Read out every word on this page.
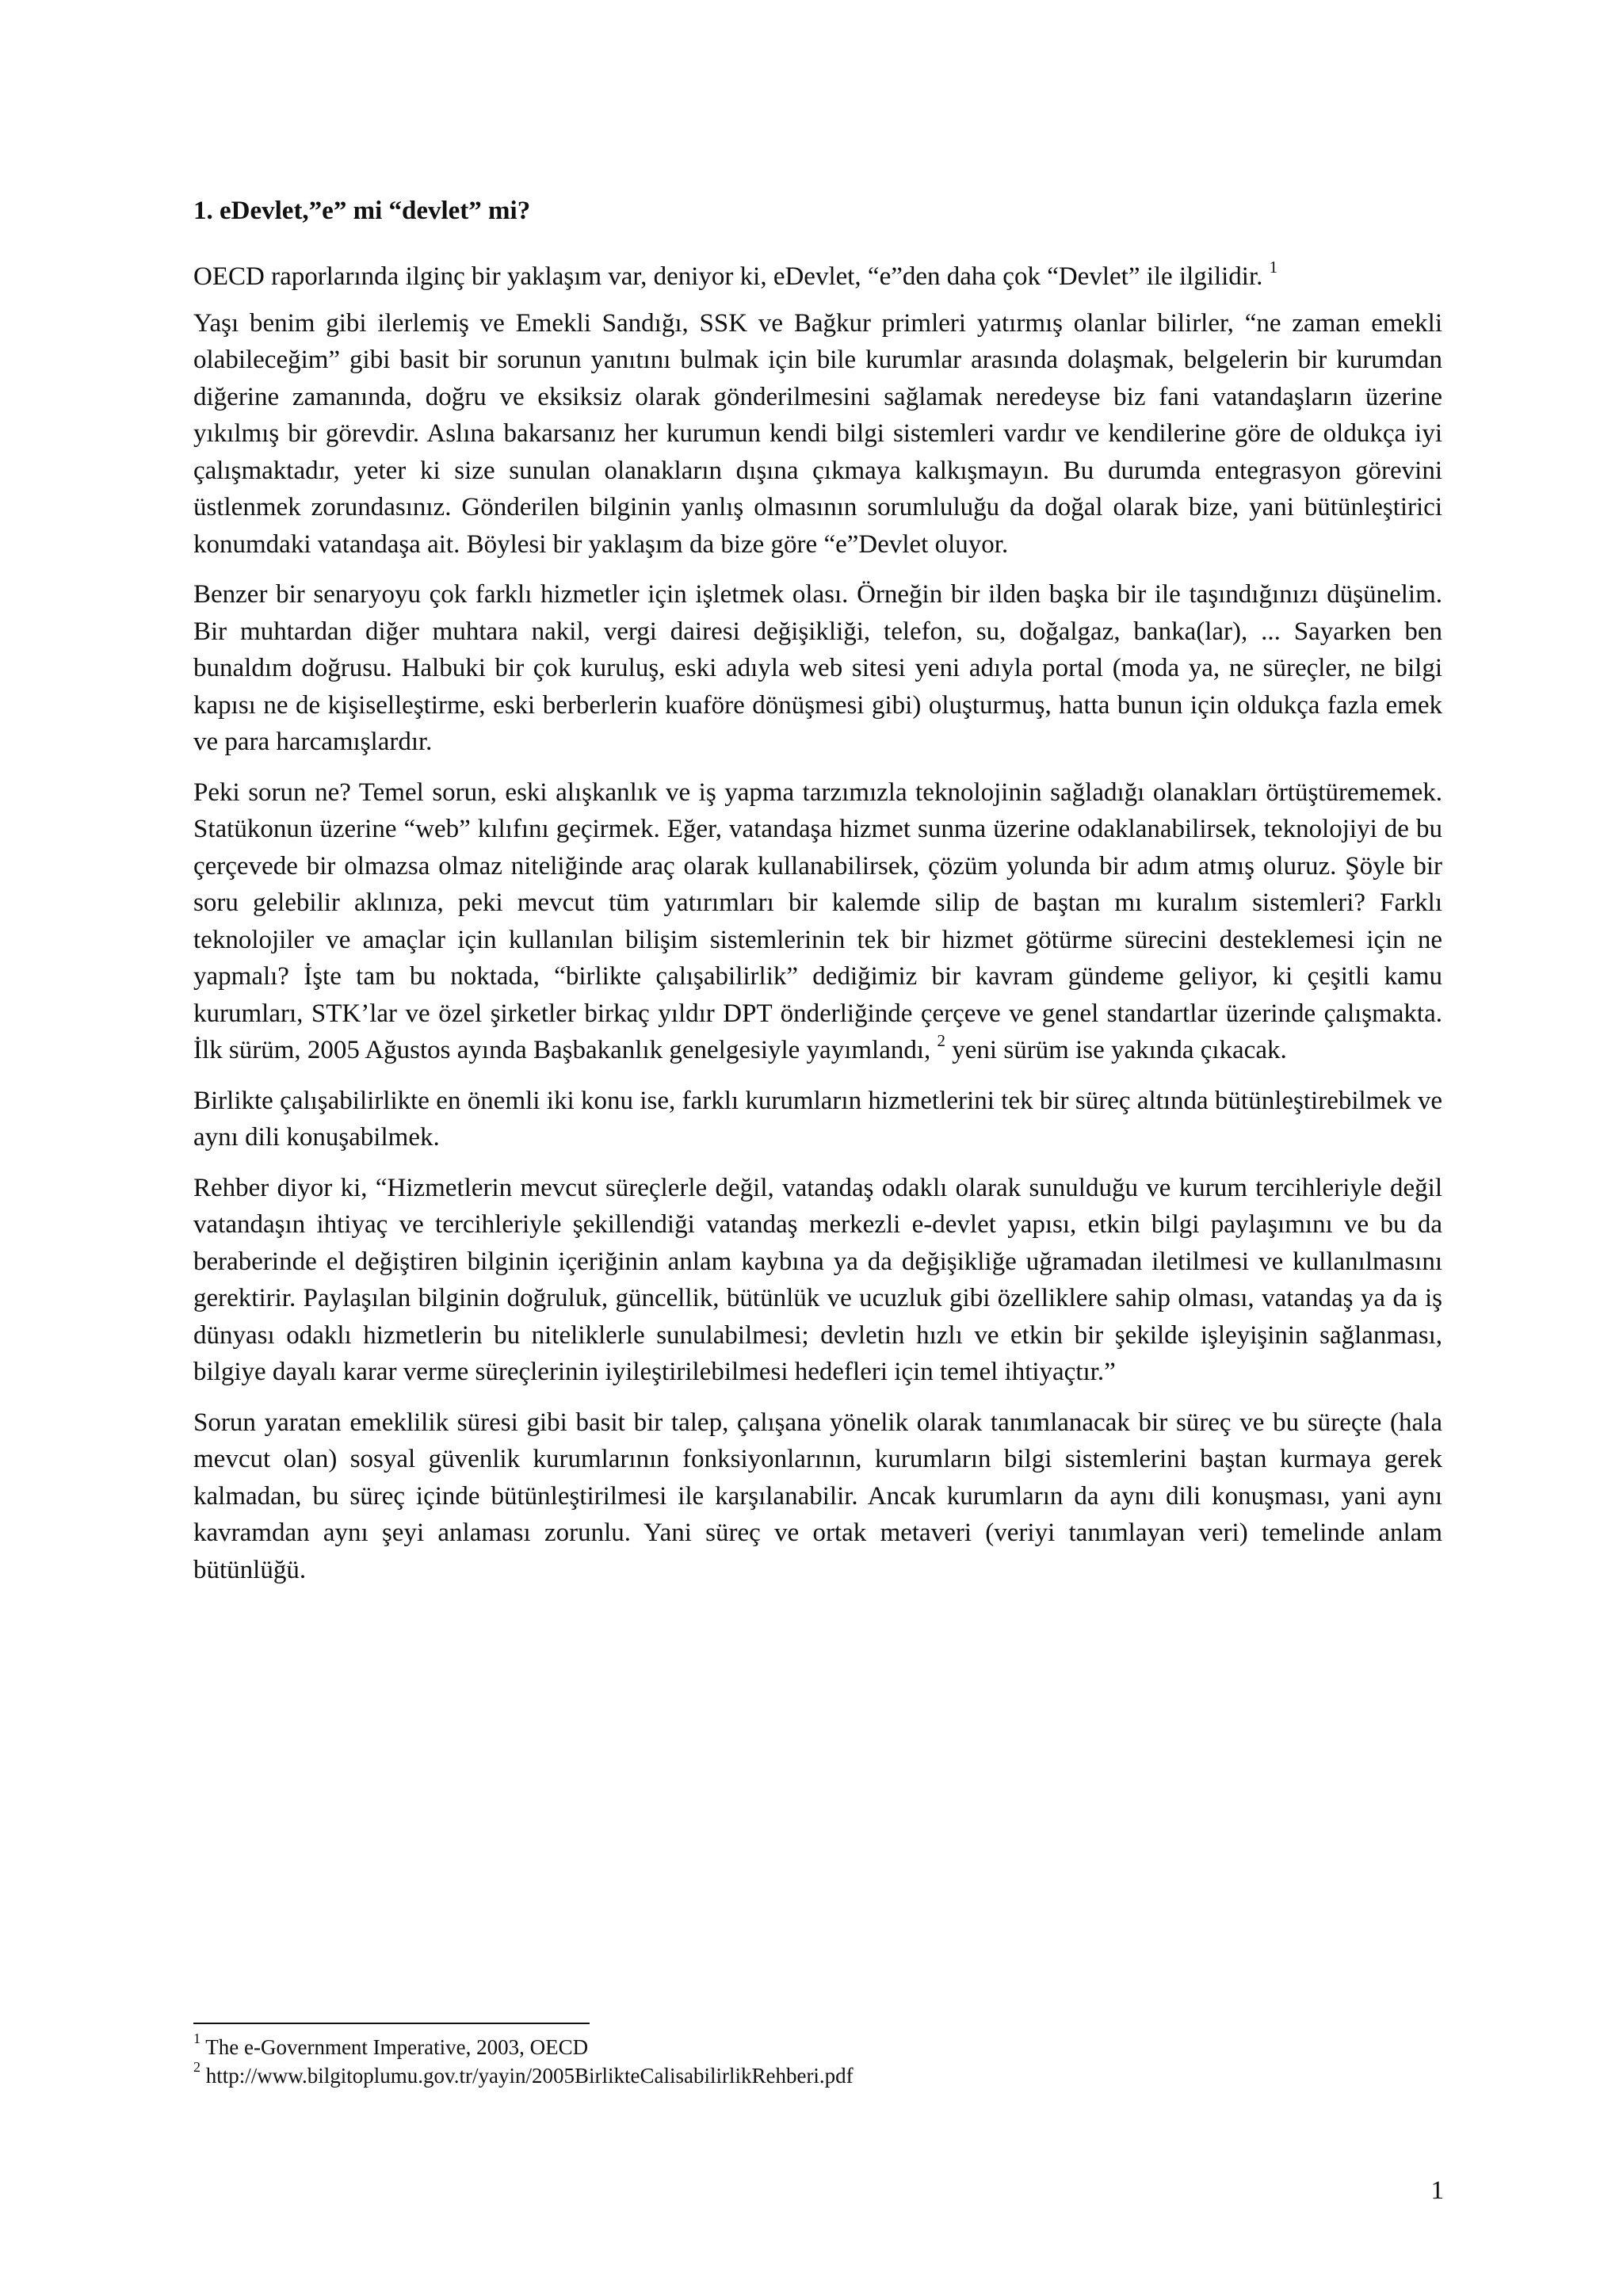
1. eDevlet,”e” mi “devlet” mi?

OECD raporlarında ilginç bir yaklaşım var, deniyor ki, eDevlet, “e”den daha çok “Devlet” ile ilgilidir. $^1$

Yaşı benim gibi ilerlemiş ve Emekli Sandığı, SSK ve Bağkur primleri yatırmış olanlar bilirler, “ne zaman emekli olabileceğim” gibi basit bir sorunun yanıtını bulmak için bile kurumlar arasında dolaşmak, belgelerin bir kurumdan diğerine zamanında, doğru ve eksiksiz olarak gönderilmesini sağlamak neredeyse biz fani vatandaşların üzerine yıkılmış bir görevdir. Aslına bakarsanız her kurumun kendi bilgi sistemleri vardır ve kendilerine göre de oldukça iyi çalışmaktadır, yeter ki size sunulan olanakların dışına çıkmaya kalkışmayın. Bu durumda entegrasyon görevini üstlenmek zorundasınız. Gönderilen bilginin yanlış olmasının sorumluluğu da doğal olarak bize, yani bütünleştirici konumdaki vatandaşa ait. Böylesi bir yaklaşım da bize göre “e”Devlet oluyor.

Benzer bir senaryoyu çok farklı hizmetler için işletmek olası. Örneğin bir ilden başka bir ile taşındığınızı düşünelim. Bir muhtardan diğer muhtara nakil, vergi dairesi değişikliği, telefon, su, doğalgaz, banka(lar), ... Sayarken ben bunaldım doğrusu. Halbuki bir çok kuruluş, eski adıyla web sitesi yeni adıyla portal (moda ya, ne süreçler, ne bilgi kapısı ne de kişiselleştirme, eski berberlerin kuaföre dönüşmesi gibi) oluşturmuş, hatta bunun için oldukça fazla emek ve para harcamışlardır.

Peki sorun ne? Temel sorun, eski alışkanlık ve iş yapma tarzımızla teknolojinin sağladığı olanakları örtüştürememek. Statükonun üzerine “web” kılıfını geçirmek. Eğer, vatandaşa hizmet sunma üzerine odaklanabilirsek, teknolojiyi de bu çerçevede bir olmazsa olmaz niteliğinde araç olarak kullanabilirsek, çözüm yolunda bir adım atmış oluruz. Şöyle bir soru gelebilir aklınıza, peki mevcut tüm yatırımları bir kalemde silip de baştan mı kuralım sistemleri? Farklı teknolojiler ve amaçlar için kullanılan bilişim sistemlerinin tek bir hizmet götürme sürecini desteklemesi için ne yapmalı? İşte tam bu noktada, “birlikte çalışabilirlik” dediğimiz bir kavram gündeme geliyor, ki çeşitli kamu kurumları, STK’lar ve özel şirketler birkaç yıldır DPT önderliğinde çerçeve ve genel standartlar üzerinde çalışmakta. İlk sürüm, 2005 Ağustos ayında Başbakanlık genelgesiyle yayımlandı, $^2$ yeni sürüm ise yakında çıkacak.

Birlikte çalışabilirlikte en önemli iki konu ise, farklı kurumların hizmetlerini tek bir süreç altında bütünleştirebilmek ve aynı dili konuşabilmek.

Rehber diyor ki, “Hizmetlerin mevcut süreçlerle değil, vatandaş odaklı olarak sunulduğu ve kurum tercihleriyle değil vatandaşın ihtiyaç ve tercihleriyle şekillendiği vatandaş merkezli e-devlet yapısı, etkin bilgi paylaşımını ve bu da beraberinde el değiştiren bilginin içeriğinin anlam kaybına ya da değişikliğe uğramadan iletilmesi ve kullanılmasını gerektirir. Paylaşılan bilginin doğruluk, güncellik, bütünlük ve ucuzluk gibi özelliklere sahip olması, vatandaş ya da iş dünyası odaklı hizmetlerin bu niteliklerle sunulabilmesi; devletin hızlı ve etkin bir şekilde işleyişinin sağlanması, bilgiye dayalı karar verme süreçlerinin iyileştirilebilmesi hedefleri için temel ihtiyaçtır.”

Sorun yaratan emeklilik süresi gibi basit bir talep, çalışana yönelik olarak tanımlanacak bir süreç ve bu süreçte (hala mevcut olan) sosyal güvenlik kurumlarının fonksiyonlarının, kurumların bilgi sistemlerini baştan kurmaya gerek kalmadan, bu süreç içinde bütünleştirilmesi ile karşılanabilir. Ancak kurumların da aynı dili konuşması, yani aynı kavramdan aynı şeyi anlaması zorunlu. Yani süreç ve ortak metaveri (veriyi tanımlayan veri) temelinde anlam bütünlüğü.

$^1$ The e-Government Imperative, 2003, OECD

$^2$ http://www.bilgitoplumu.gov.tr/yayin/2005BirlikteCalisabilirlikRehberi.pdf

1
